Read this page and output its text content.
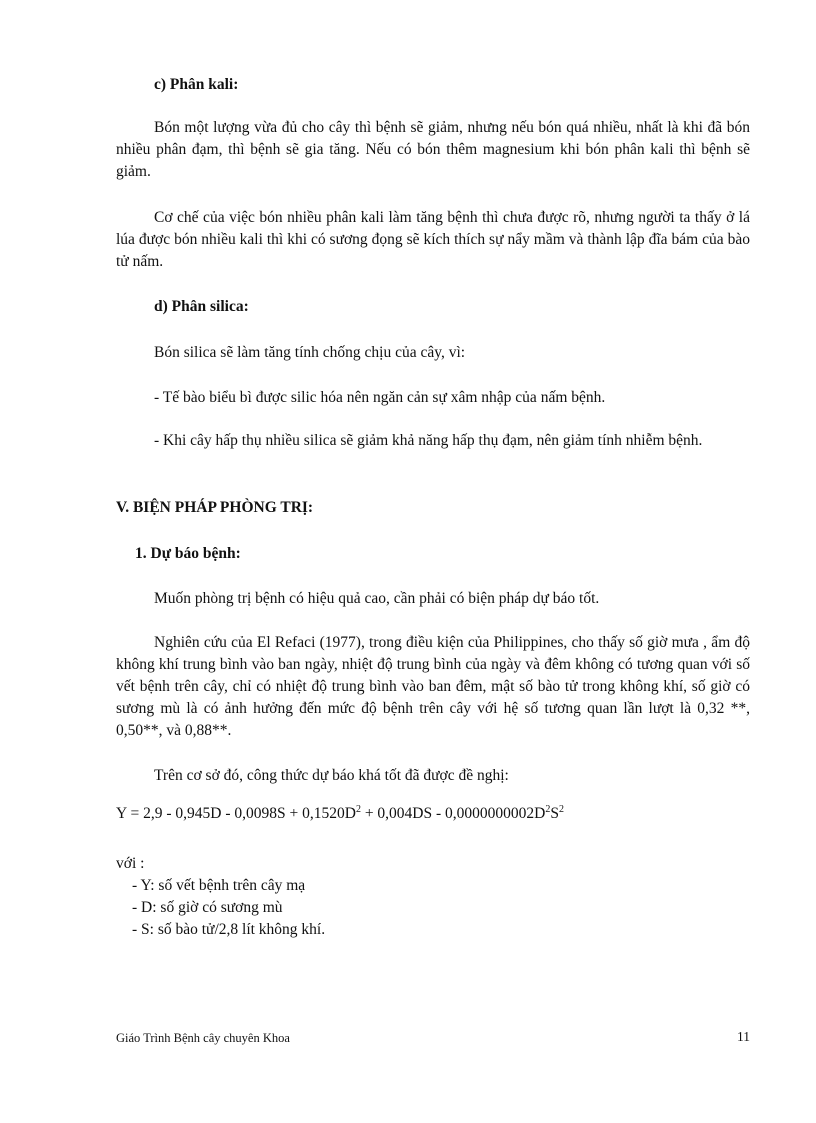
c) Phân kali:

Bón một lượng vừa đủ cho cây thì bệnh sẽ giảm, nhưng nếu bón quá nhiều, nhất là khi đã bón nhiều phân đạm, thì bệnh sẽ gia tăng. Nếu có bón thêm magnesium khi bón phân kali thì bệnh sẽ giảm.

Cơ chế của việc bón nhiều phân kali làm tăng bệnh thì chưa được rõ, nhưng người ta thấy ở lá lúa được bón nhiều kali thì khi có sương đọng sẽ kích thích sự nẩy mầm và thành lập đĩa bám của bào tử nấm.

d) Phân silica:

Bón silica sẽ làm tăng tính chống chịu của cây, vì:

- Tế bào biểu bì được silic hóa nên ngăn cản sự xâm nhập của nấm bệnh.

- Khi cây hấp thụ nhiều silica sẽ giảm khả năng hấp thụ đạm, nên giảm tính nhiễm bệnh.

V. BIỆN PHÁP PHÒNG TRỊ:

1. Dự báo bệnh:

Muốn phòng trị bệnh có hiệu quả cao, cần phải có biện pháp dự báo tốt.

Nghiên cứu của El Refaci (1977), trong điều kiện của Philippines, cho thấy số giờ mưa , ẩm độ không khí trung bình vào ban ngày, nhiệt độ trung bình của ngày và đêm không có tương quan với số vết bệnh trên cây, chỉ có nhiệt độ trung bình vào ban đêm, mật số bào tử trong không khí, số giờ có sương mù là có ảnh hưởng đến mức độ bệnh trên cây với hệ số tương quan lần lượt là 0,32 **, 0,50**, và 0,88**.

Trên cơ sở đó, công thức dự báo khá tốt đã được đề nghị:

$Y = 2,9 - 0,945D - 0,0098S + 0,1520D^2 + 0,004DS - 0,0000000002D^2S^2$

với :
- Y: số vết bệnh trên cây mạ
- D: số giờ có sương mù
- S: số bào tử/2,8 lít không khí.

Giáo Trình Bệnh cây chuyên Khoa	11
